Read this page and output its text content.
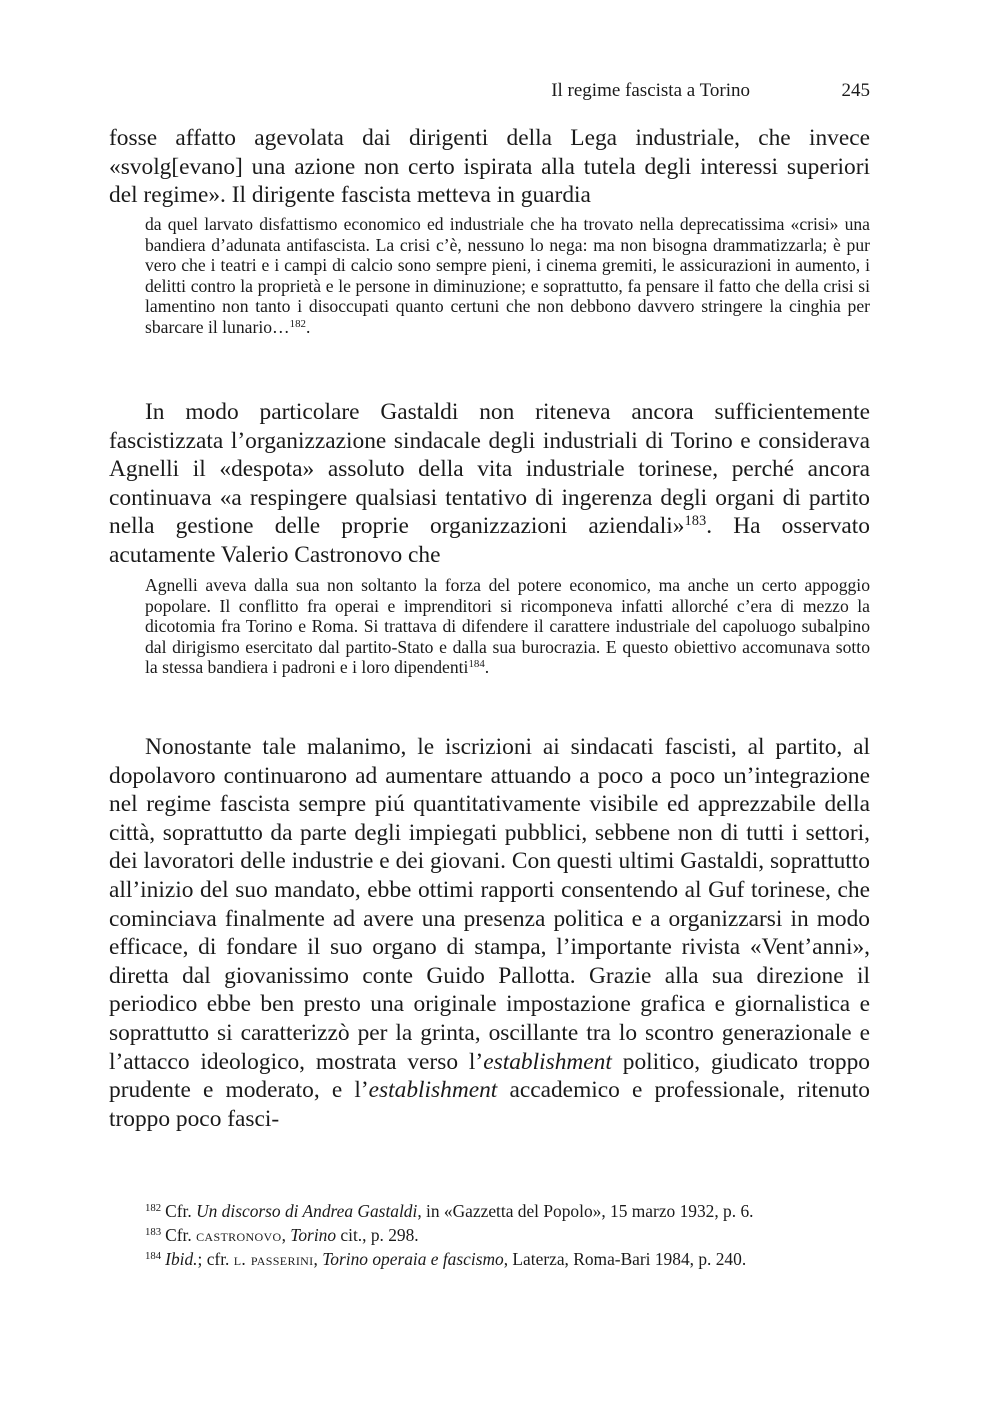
Il regime fascista a Torino	245

fosse affatto agevolata dai dirigenti della Lega industriale, che invece «svolg[evano] una azione non certo ispirata alla tutela degli interessi superiori del regime». Il dirigente fascista metteva in guardia

da quel larvato disfattismo economico ed industriale che ha trovato nella deprecatissima «crisi» una bandiera d’adunata antifascista. La crisi c’è, nessuno lo nega: ma non bisogna drammatizzarla; è pur vero che i teatri e i campi di calcio sono sempre pieni, i cinema gremiti, le assicurazioni in aumento, i delitti contro la proprietà e le persone in diminuzione; e soprattutto, fa pensare il fatto che della crisi si lamentino non tanto i disoccupati quanto certuni che non debbono davvero stringere la cinghia per sbarcare il lunario…$^{182}$.

In modo particolare Gastaldi non riteneva ancora sufficientemente fascistizzata l’organizzazione sindacale degli industriali di Torino e considerava Agnelli il «despota» assoluto della vita industriale torinese, perché ancora continuava «a respingere qualsiasi tentativo di ingerenza degli organi di partito nella gestione delle proprie organizzazioni aziendali»$^{183}$. Ha osservato acutamente Valerio Castronovo che

Agnelli aveva dalla sua non soltanto la forza del potere economico, ma anche un certo appoggio popolare. Il conflitto fra operai e imprenditori si ricomponeva infatti allorché c’era di mezzo la dicotomia fra Torino e Roma. Si trattava di difendere il carattere industriale del capoluogo subalpino dal dirigismo esercitato dal partito-Stato e dalla sua burocrazia. E questo obiettivo accomunava sotto la stessa bandiera i padroni e i loro dipendenti$^{184}$.

Nonostante tale malanimo, le iscrizioni ai sindacati fascisti, al partito, al dopolavoro continuarono ad aumentare attuando a poco a poco un’integrazione nel regime fascista sempre piú quantitativamente visibile ed apprezzabile della città, soprattutto da parte degli impiegati pubblici, sebbene non di tutti i settori, dei lavoratori delle industrie e dei giovani. Con questi ultimi Gastaldi, soprattutto all’inizio del suo mandato, ebbe ottimi rapporti consentendo al Guf torinese, che cominciava finalmente ad avere una presenza politica e a organizzarsi in modo efficace, di fondare il suo organo di stampa, l’importante rivista «Vent’anni», diretta dal giovanissimo conte Guido Pallotta. Grazie alla sua direzione il periodico ebbe ben presto una originale impostazione grafica e giornalistica e soprattutto si caratterizzò per la grinta, oscillante tra lo scontro generazionale e l’attacco ideologico, mostrata verso l’establishment politico, giudicato troppo prudente e moderato, e l’establishment accademico e professionale, ritenuto troppo poco fasci-

$^{182}$ Cfr. Un discorso di Andrea Gastaldi, in «Gazzetta del Popolo», 15 marzo 1932, p. 6.
$^{183}$ Cfr. castronovo, Torino cit., p. 298.
$^{184}$ Ibid.; cfr. l. passerini, Torino operaia e fascismo, Laterza, Roma-Bari 1984, p. 240.
